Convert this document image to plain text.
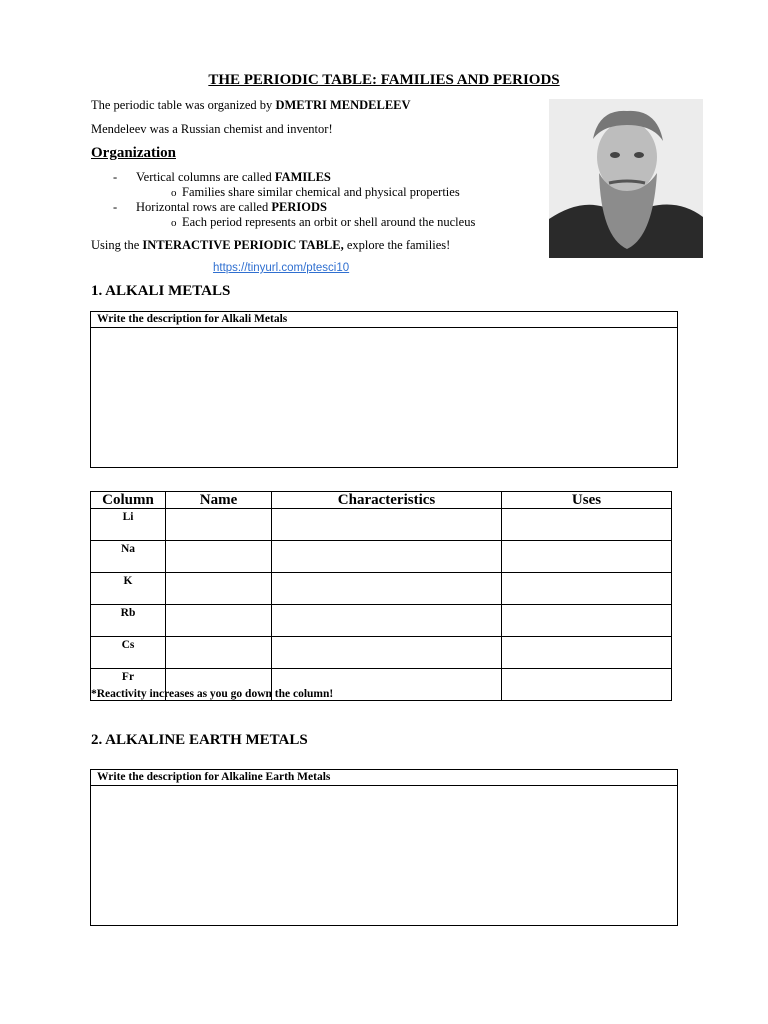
THE PERIODIC TABLE: FAMILIES AND PERIODS
The periodic table was organized by DMETRI MENDELEEV
Mendeleev was a Russian chemist and inventor!
Organization
- Vertical columns are called FAMILES
o Families share similar chemical and physical properties
- Horizontal rows are called PERIODS
o Each period represents an orbit or shell around the nucleus
Using the INTERACTIVE PERIODIC TABLE, explore the families!
https://tinyurl.com/ptesci10
1. ALKALI METALS
Write the description for Alkali Metals
Column	Name	Characteristics	Uses
Li			
Na			
K			
Rb			
Cs			
Fr			
*Reactivity increases as you go down the column!
2. ALKALINE EARTH METALS
Write the description for Alkaline Earth Metals
